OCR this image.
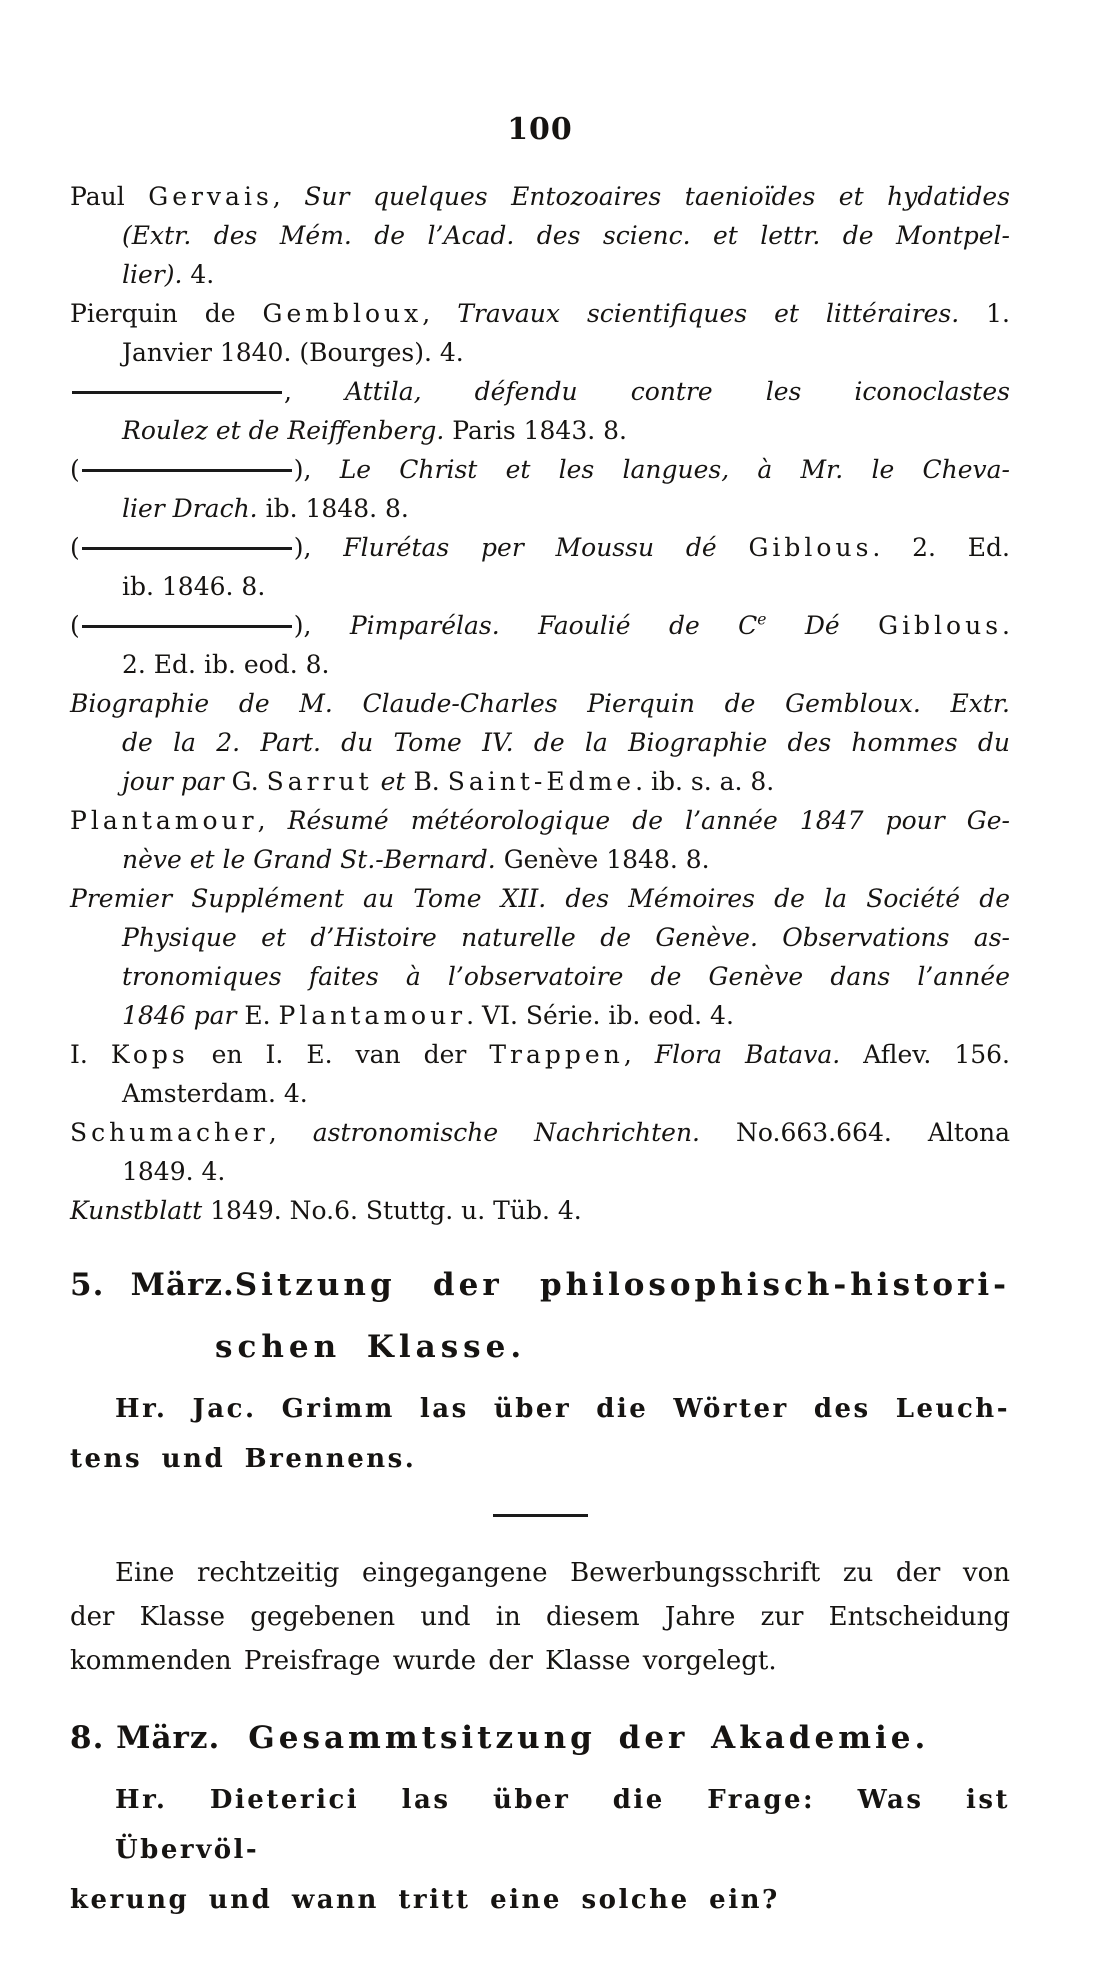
100
Paul Gervais, Sur quelques Entozoaires taenioïdes et hydatides
(Extr. des Mém. de l’Acad. des scienc. et lettr. de Montpel-
lier). 4.
Pierquin de Gembloux, Travaux scientifiques et littéraires. 1.
Janvier 1840. (Bourges). 4.
, Attila, défendu contre les iconoclastes
Roulez et de Reiffenberg. Paris 1843. 8.
(	), Le Christ et les langues, à Mr. le Cheva-
lier Drach. ib. 1848. 8.
(	), Flurétas per Moussu dé Giblous. 2. Ed.
ib. 1846. 8.
(	), Pimparélas. Faoulié de Ce Dé Giblous.
2. Ed. ib. eod. 8.
Biographie de M. Claude-Charles Pierquin de Gembloux. Extr.
de la 2. Part. du Tome IV. de la Biographie des hommes du
jour par G. Sarrut et B. Saint-Edme. ib. s. a. 8.
Plantamour, Résumé météorologique de l’année 1847 pour Ge-
nève et le Grand St.-Bernard. Genève 1848. 8.
Premier Supplément au Tome XII. des Mémoires de la Société de
Physique et d’Histoire naturelle de Genève. Observations as-
tronomiques faites à l’observatoire de Genève dans l’année
1846 par E. Plantamour. VI. Série. ib. eod. 4.
I. Kops en I. E. van der Trappen, Flora Batava. Aflev. 156.
Amsterdam. 4.
Schumacher, astronomische Nachrichten. No.663.664. Altona
1849. 4.
Kunstblatt 1849. No.6. Stuttg. u. Tüb. 4.
5. März.Sitzung der philosophisch-histori-
schen Klasse.
Hr. Jac. Grimm las über die Wörter des Leuch-
tens und Brennens.
Eine rechtzeitig eingegangene Bewerbungsschrift zu der von
der Klasse gegebenen und in diesem Jahre zur Entscheidung
kommenden Preisfrage wurde der Klasse vorgelegt.
8. März. Gesammtsitzung der Akademie.
Hr. Dieterici las über die Frage: Was ist Übervöl-
kerung und wann tritt eine solche ein?
